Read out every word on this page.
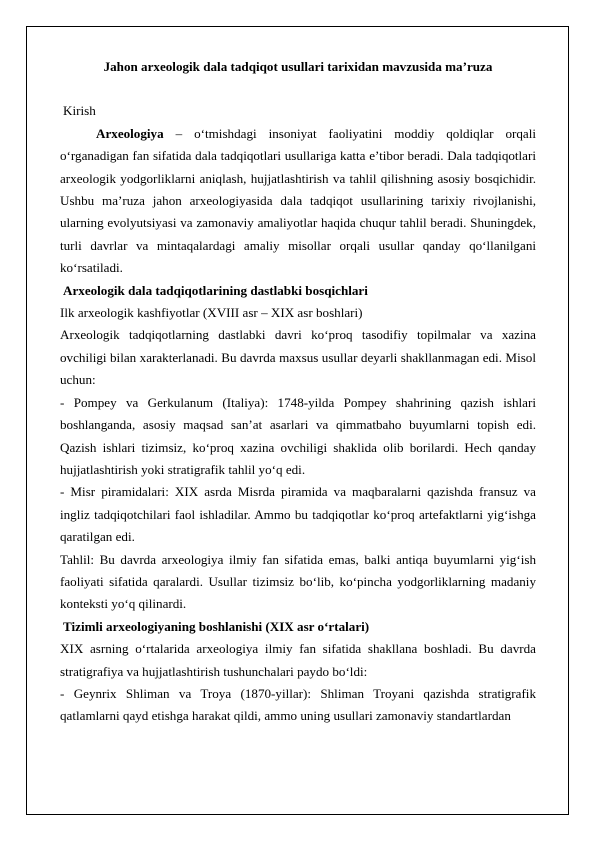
Jahon arxeologik dala tadqiqot usullari tarixidan mavzusida ma’ruza
Kirish

Arxeologiya – o‘tmishdagi insoniyat faoliyatini moddiy qoldiqlar orqali o‘rganadigan fan sifatida dala tadqiqotlari usullariga katta e’tibor beradi. Dala tadqiqotlari arxeologik yodgorliklarni aniqlash, hujjatlashtirish va tahlil qilishning asosiy bosqichidir. Ushbu ma’ruza jahon arxeologiyasida dala tadqiqot usullarining tarixiy rivojlanishi, ularning evolyutsiyasi va zamonaviy amaliyotlar haqida chuqur tahlil beradi. Shuningdek, turli davrlar va mintaqalardagi amaliy misollar orqali usullar qanday qo‘llanilgani ko‘rsatiladi.

Arxeologik dala tadqiqotlarining dastlabki bosqichlari

Ilk arxeologik kashfiyotlar (XVIII asr – XIX asr boshlari)

Arxeologik tadqiqotlarning dastlabki davri ko‘proq tasodifiy topilmalar va xazina ovchiligi bilan xarakterlanadi. Bu davrda maxsus usullar deyarli shakllanmagan edi. Misol uchun:

- Pompey va Gerkulanum (Italiya): 1748-yilda Pompey shahrining qazish ishlari boshlanganda, asosiy maqsad san’at asarlari va qimmatbaho buyumlarni topish edi. Qazish ishlari tizimsiz, ko‘proq xazina ovchiligi shaklida olib borilardi. Hech qanday hujjatlashtirish yoki stratigrafik tahlil yo‘q edi.

- Misr piramidalari: XIX asrda Misrda piramida va maqbaralarni qazishda fransuz va ingliz tadqiqotchilari faol ishladilar. Ammo bu tadqiqotlar ko‘proq artefaktlarni yig‘ishga qaratilgan edi.

Tahlil: Bu davrda arxeologiya ilmiy fan sifatida emas, balki antiqa buyumlarni yig‘ish faoliyati sifatida qaralardi. Usullar tizimsiz bo‘lib, ko‘pincha yodgorliklarning madaniy konteksti yo‘q qilinardi.

Tizimli arxeologiyaning boshlanishi (XIX asr o‘rtalari)

XIX asrning o‘rtalarida arxeologiya ilmiy fan sifatida shakllana boshladi. Bu davrda stratigrafiya va hujjatlashtirish tushunchalari paydo bo‘ldi:

- Geynrix Shliman va Troya (1870-yillar): Shliman Troyani qazishda stratigrafik qatlamlarni qayd etishga harakat qildi, ammo uning usullari zamonaviy standartlardan
